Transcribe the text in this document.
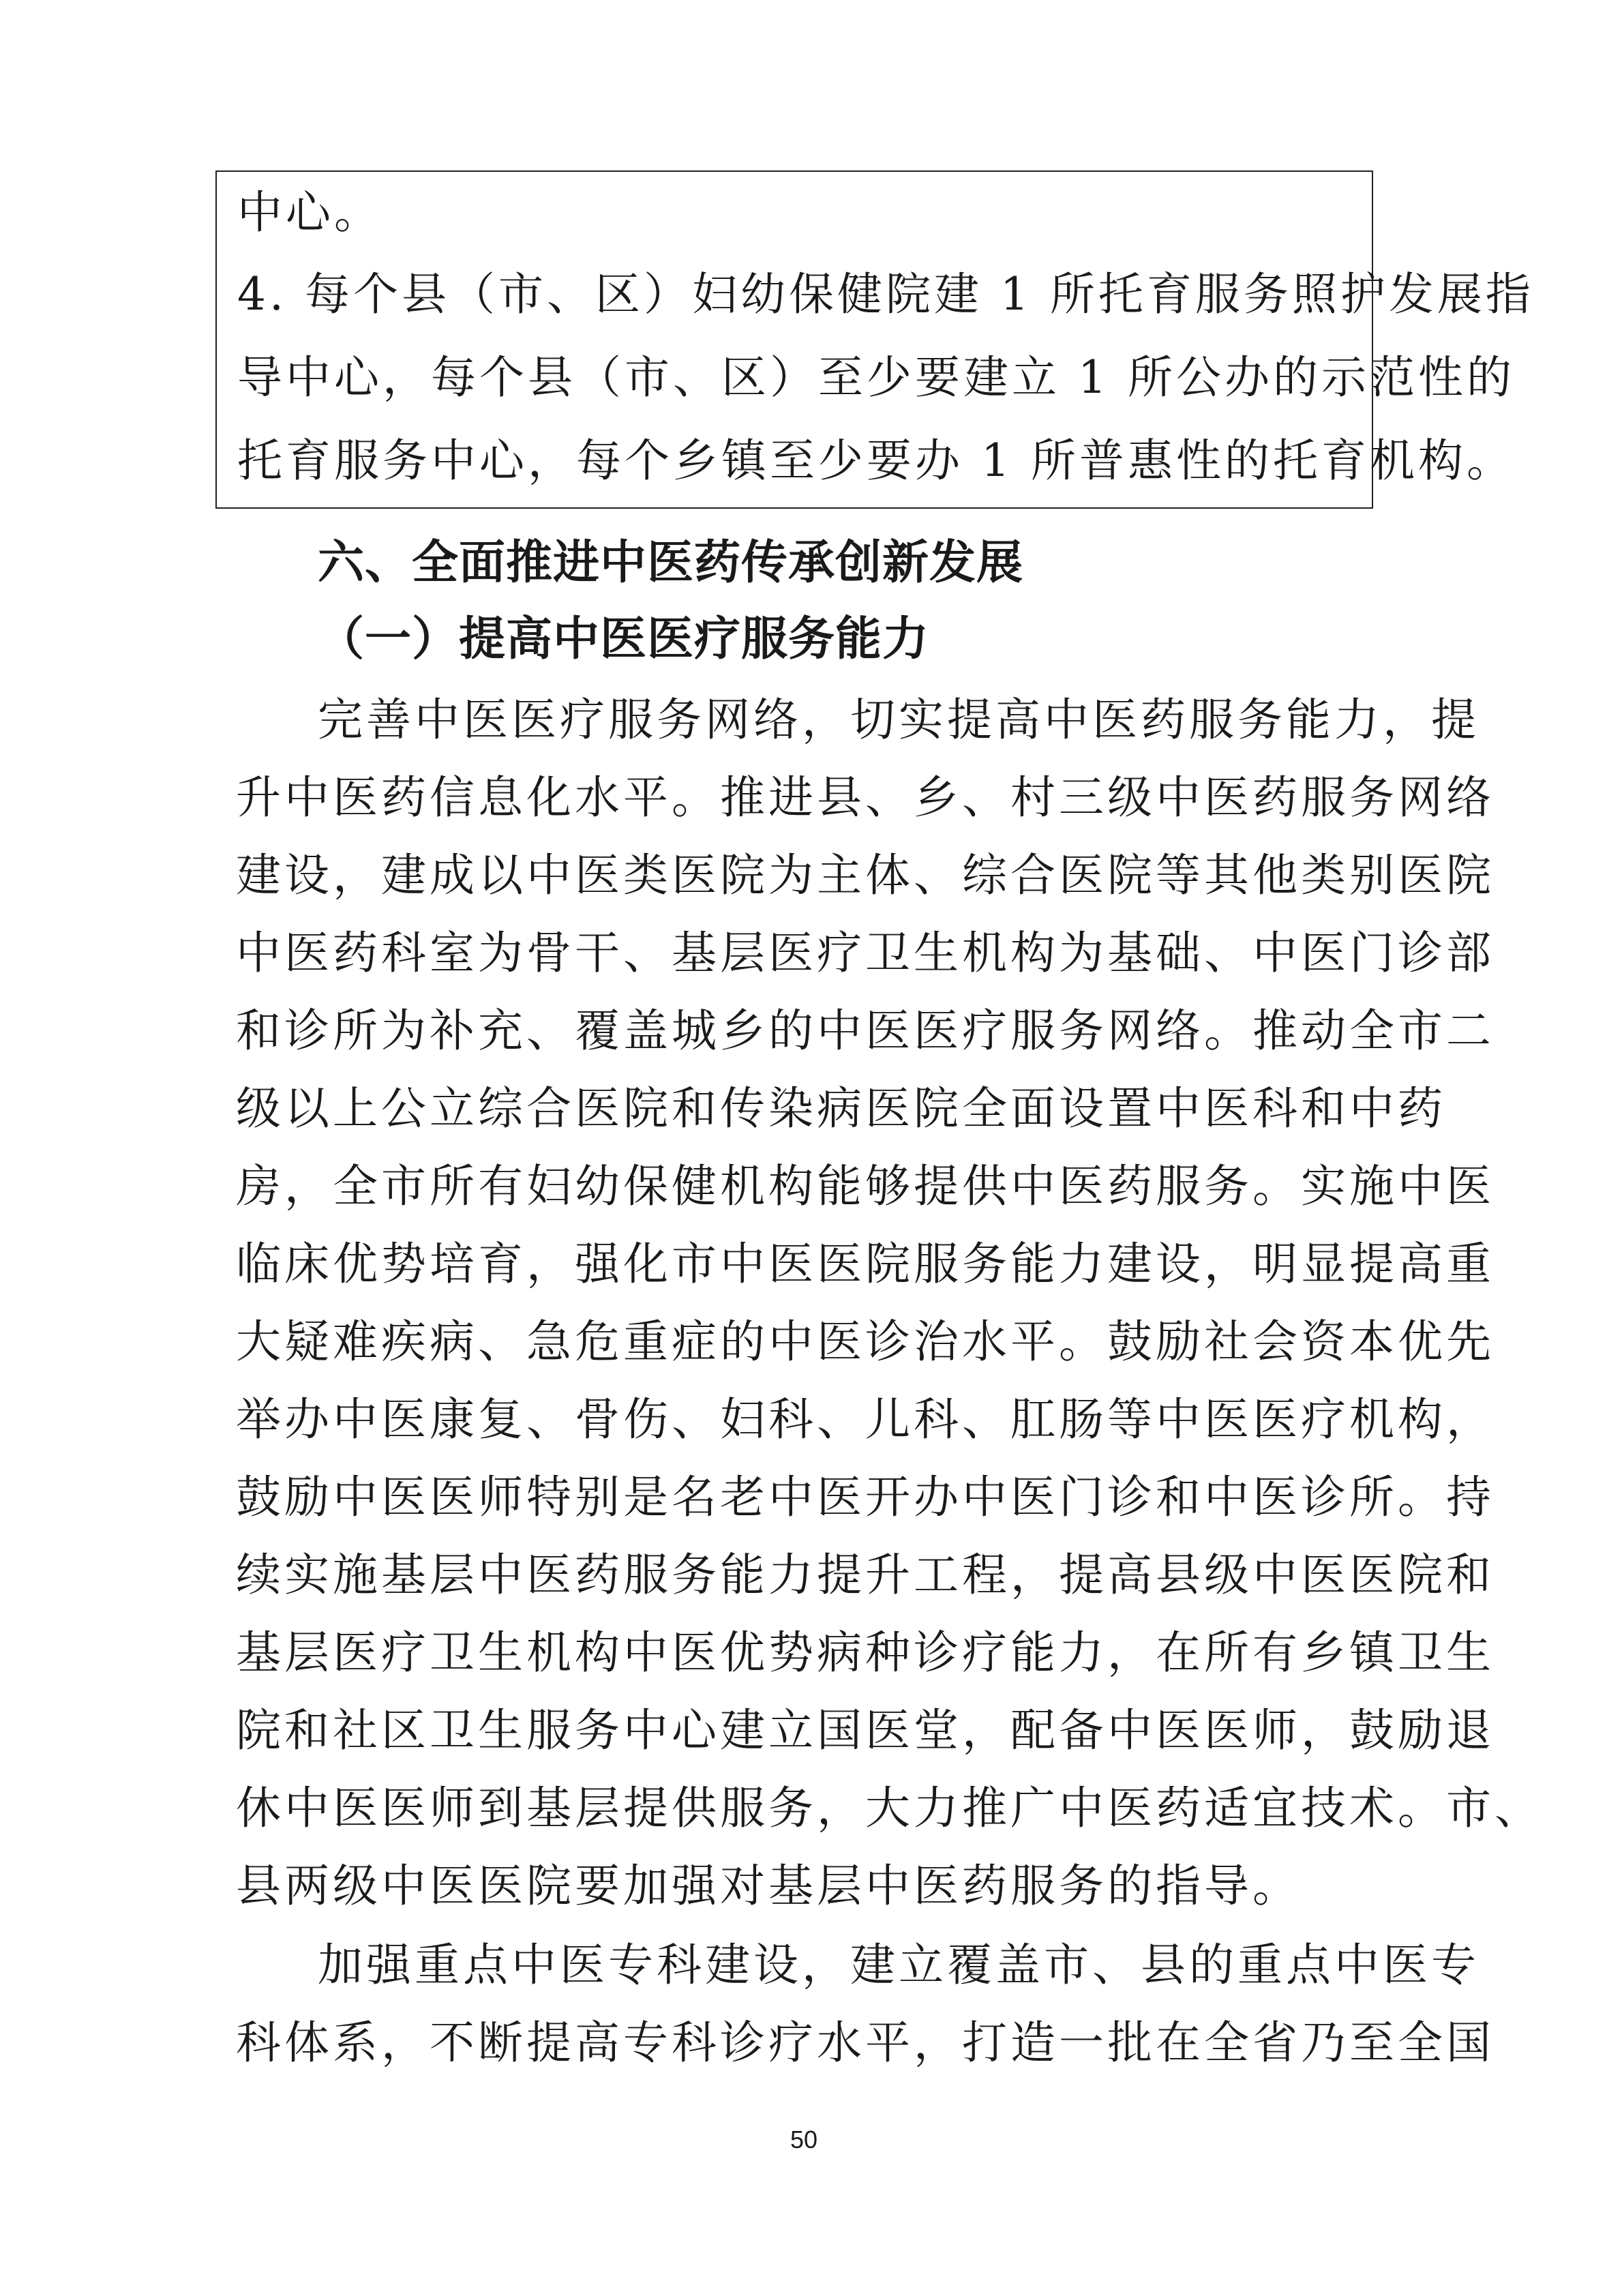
中心。
4. 每个县（市、区）妇幼保健院建 1 所托育服务照护发展指
导中心，每个县（市、区）至少要建立 1 所公办的示范性的
托育服务中心，每个乡镇至少要办 1 所普惠性的托育机构。
六、全面推进中医药传承创新发展
（一）提高中医医疗服务能力
完善中医医疗服务网络，切实提高中医药服务能力，提
升中医药信息化水平。推进县、乡、村三级中医药服务网络
建设，建成以中医类医院为主体、综合医院等其他类别医院
中医药科室为骨干、基层医疗卫生机构为基础、中医门诊部
和诊所为补充、覆盖城乡的中医医疗服务网络。推动全市二
级以上公立综合医院和传染病医院全面设置中医科和中药
房，全市所有妇幼保健机构能够提供中医药服务。实施中医
临床优势培育，强化市中医医院服务能力建设，明显提高重
大疑难疾病、急危重症的中医诊治水平。鼓励社会资本优先
举办中医康复、骨伤、妇科、儿科、肛肠等中医医疗机构，
鼓励中医医师特别是名老中医开办中医门诊和中医诊所。持
续实施基层中医药服务能力提升工程，提高县级中医医院和
基层医疗卫生机构中医优势病种诊疗能力，在所有乡镇卫生
院和社区卫生服务中心建立国医堂，配备中医医师，鼓励退
休中医医师到基层提供服务，大力推广中医药适宜技术。市、
县两级中医医院要加强对基层中医药服务的指导。
加强重点中医专科建设，建立覆盖市、县的重点中医专
科体系，不断提高专科诊疗水平，打造一批在全省乃至全国
50
